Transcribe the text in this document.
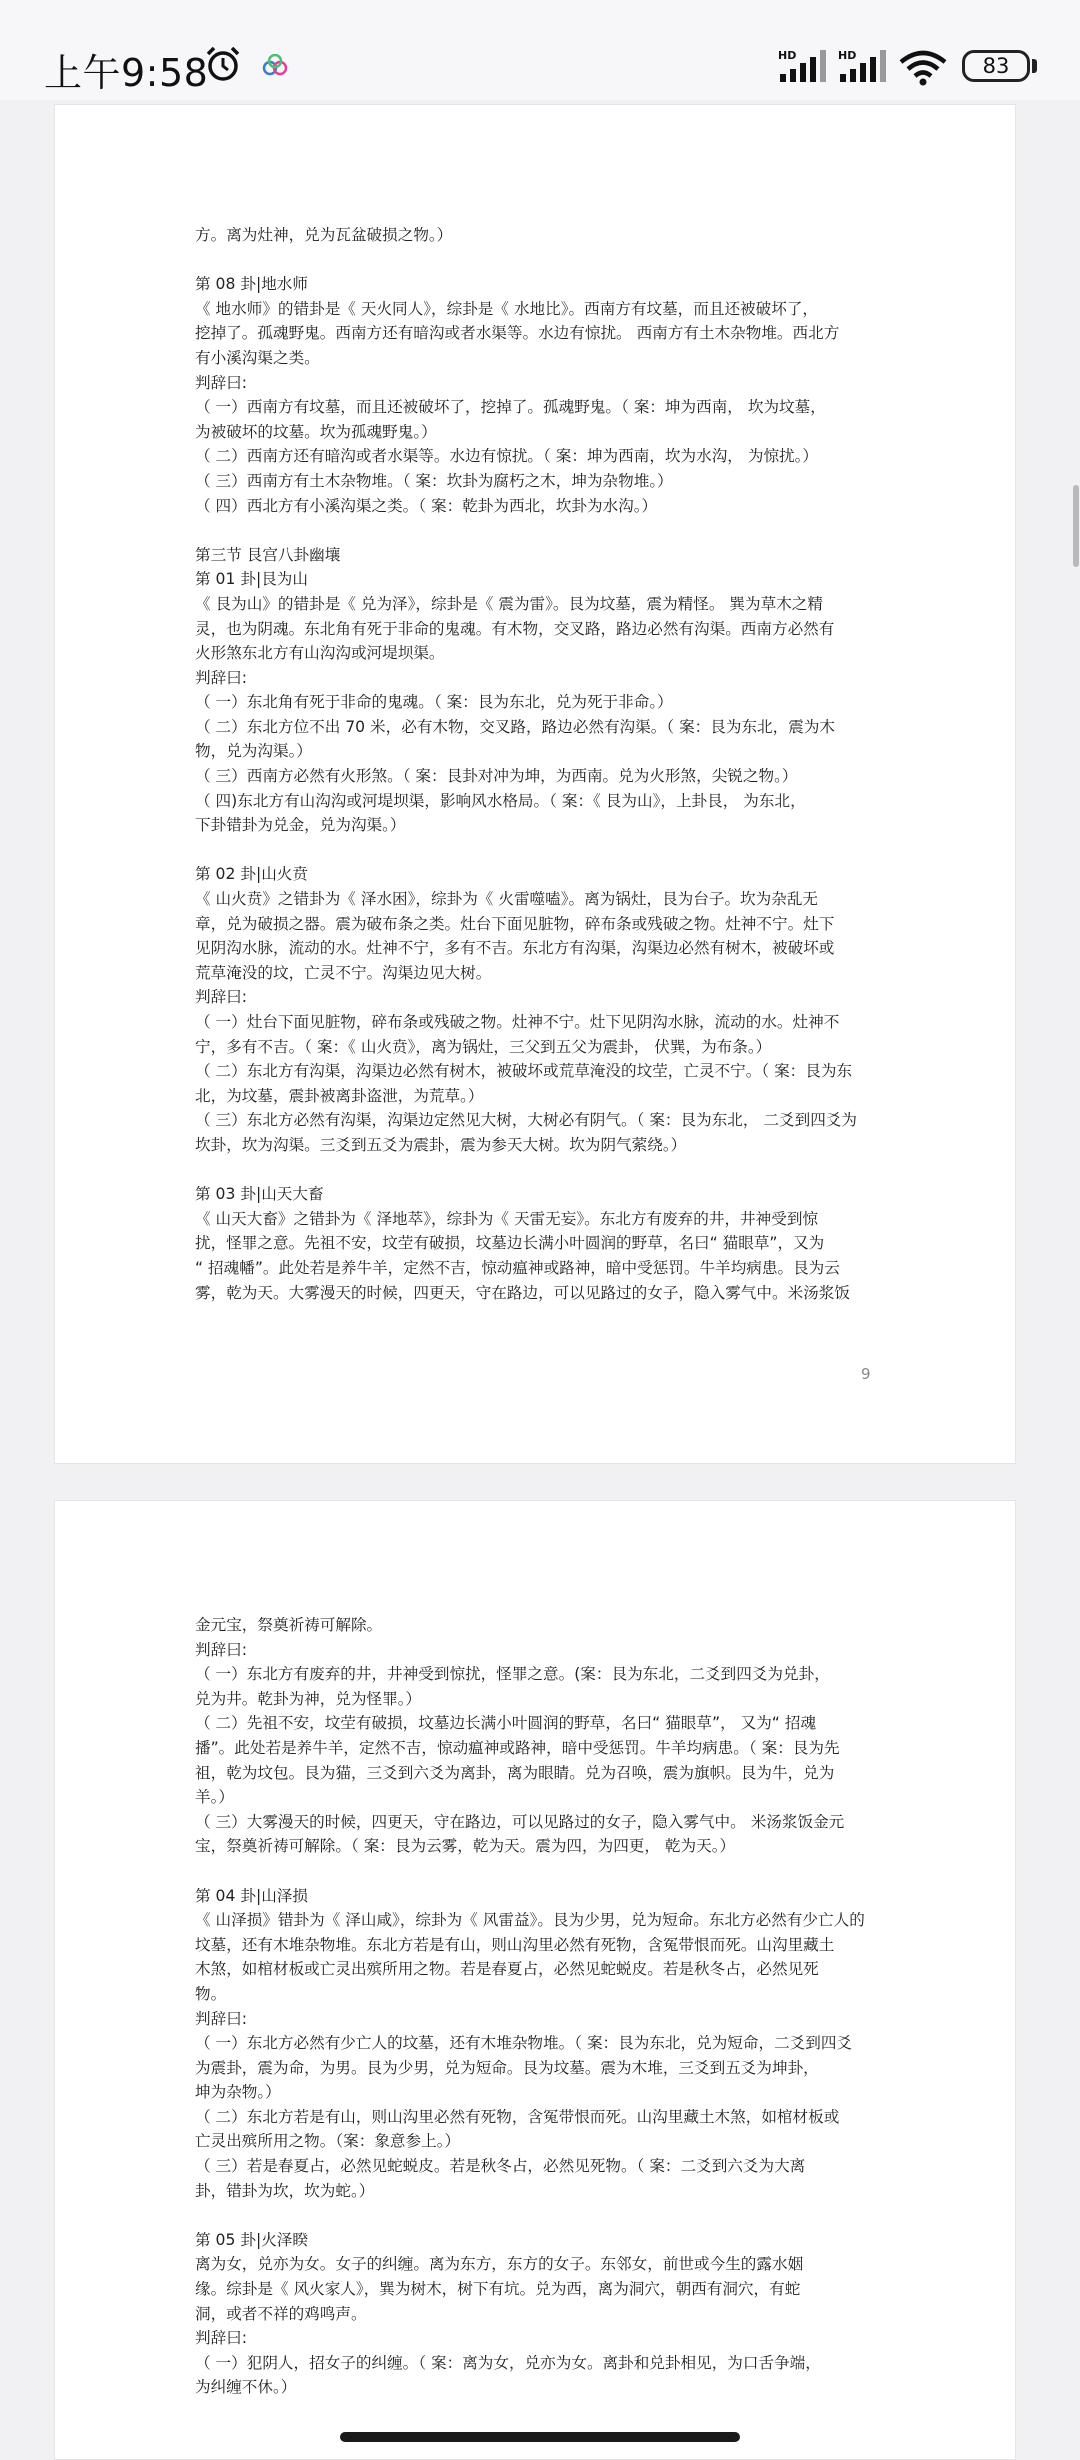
上午9:58	HD	HD	83
方。离为灶神，兑为瓦盆破损之物。）
第 08 卦|地水师
《 地水师》的错卦是《 天火同人》，综卦是《 水地比》。西南方有坟墓，而且还被破坏了，
挖掉了。孤魂野鬼。西南方还有暗沟或者水渠等。水边有惊扰。 西南方有土木杂物堆。西北方
有小溪沟渠之类。
判辞曰:
（ 一）西南方有坟墓，而且还被破坏了，挖掉了。孤魂野鬼。（ 案：坤为西南， 坎为坟墓，
为被破坏的坟墓。坎为孤魂野鬼。）
（ 二）西南方还有暗沟或者水渠等。水边有惊扰。（ 案：坤为西南，坎为水沟， 为惊扰。）
（ 三）西南方有土木杂物堆。（ 案：坎卦为腐朽之木，坤为杂物堆。）
（ 四）西北方有小溪沟渠之类。（ 案：乾卦为西北，坎卦为水沟。）
第三节 艮宫八卦幽壤
第 01 卦|艮为山
《 艮为山》的错卦是《 兑为泽》，综卦是《 震为雷》。艮为坟墓，震为精怪。 巽为草木之精
灵，也为阴魂。东北角有死于非命的鬼魂。有木物，交叉路，路边必然有沟渠。西南方必然有
火形煞东北方有山沟沟或河堤坝渠。
判辞曰:
（ 一）东北角有死于非命的鬼魂。（ 案：艮为东北，兑为死于非命。）
（ 二）东北方位不出 70 米，必有木物，交叉路，路边必然有沟渠。（ 案：艮为东北，震为木
物，兑为沟渠。）
（ 三）西南方必然有火形煞。（ 案：艮卦对冲为坤，为西南。兑为火形煞，尖锐之物。）
（ 四)东北方有山沟沟或河堤坝渠，影响风水格局。（ 案：《 艮为山》，上卦艮， 为东北，
下卦错卦为兑金，兑为沟渠。）
第 02 卦|山火贲
《 山火贲》之错卦为《 泽水困》，综卦为《 火雷噬嗑》。离为锅灶，艮为台子。坎为杂乱无
章，兑为破损之器。震为破布条之类。灶台下面见脏物，碎布条或残破之物。灶神不宁。灶下
见阴沟水脉，流动的水。灶神不宁，多有不吉。东北方有沟渠，沟渠边必然有树木，被破坏或
荒草淹没的坟，亡灵不宁。沟渠边见大树。
判辞曰:
（ 一）灶台下面见脏物，碎布条或残破之物。灶神不宁。灶下见阴沟水脉，流动的水。灶神不
宁，多有不吉。（ 案：《 山火贲》，离为锅灶，三父到五父为震卦， 伏巽，为布条。）
（ 二）东北方有沟渠，沟渠边必然有树木，被破坏或荒草淹没的坟茔，亡灵不宁。（ 案：艮为东
北，为坟墓，震卦被离卦盗泄，为荒草。）
（ 三）东北方必然有沟渠，沟渠边定然见大树，大树必有阴气。（ 案：艮为东北， 二爻到四爻为
坎卦，坎为沟渠。三爻到五爻为震卦，震为参天大树。坎为阴气萦绕。）
第 03 卦|山天大畜
《 山天大畜》之错卦为《 泽地萃》，综卦为《 天雷无妄》。东北方有废弃的井，井神受到惊
扰，怪罪之意。先祖不安，坟茔有破损，坟墓边长满小叶圆润的野草，名曰“ 猫眼草”，又为
“ 招魂幡”。此处若是养牛羊，定然不吉，惊动瘟神或路神，暗中受惩罚。牛羊均病患。艮为云
雾，乾为天。大雾漫天的时候，四更天，守在路边，可以见路过的女子，隐入雾气中。米汤浆饭
9
金元宝，祭奠祈祷可解除。
判辞曰:
（ 一）东北方有废弃的井，井神受到惊扰，怪罪之意。(案：艮为东北，二爻到四爻为兑卦，
兑为井。乾卦为神，兑为怪罪。）
（ 二）先祖不安，坟茔有破损，坟墓边长满小叶圆润的野草，名曰“ 猫眼草”， 又为“ 招魂
播”。此处若是养牛羊，定然不吉，惊动瘟神或路神，暗中受惩罚。牛羊均病患。（ 案：艮为先
祖，乾为坟包。艮为猫，三爻到六爻为离卦，离为眼睛。兑为召唤，震为旗帜。艮为牛，兑为
羊。）
（ 三）大雾漫天的时候，四更天，守在路边，可以见路过的女子，隐入雾气中。 米汤浆饭金元
宝，祭奠祈祷可解除。（ 案：艮为云雾，乾为天。震为四，为四更， 乾为天。）
第 04 卦|山泽损
《 山泽损》错卦为《 泽山咸》，综卦为《 风雷益》。艮为少男，兑为短命。东北方必然有少亡人的
坟墓，还有木堆杂物堆。东北方若是有山，则山沟里必然有死物，含冤带恨而死。山沟里藏土
木煞，如棺材板或亡灵出殡所用之物。若是春夏占，必然见蛇蜕皮。若是秋冬占，必然见死
物。
判辞曰:
（ 一）东北方必然有少亡人的坟墓，还有木堆杂物堆。（ 案：艮为东北，兑为短命，二爻到四爻
为震卦，震为命，为男。艮为少男，兑为短命。艮为坟墓。震为木堆，三爻到五爻为坤卦，
坤为杂物。）
（ 二）东北方若是有山，则山沟里必然有死物，含冤带恨而死。山沟里藏土木煞，如棺材板或
亡灵出殡所用之物。（案：象意参上。）
（ 三）若是春夏占，必然见蛇蜕皮。若是秋冬占，必然见死物。（ 案：二爻到六爻为大离
卦，错卦为坎，坎为蛇。）
第 05 卦|火泽睽
离为女，兑亦为女。女子的纠缠。离为东方，东方的女子。东邻女，前世或今生的露水姻
缘。综卦是《 风火家人》，巽为树木，树下有坑。兑为西，离为洞穴，朝西有洞穴，有蛇
洞，或者不祥的鸡鸣声。
判辞曰:
（ 一）犯阴人，招女子的纠缠。（ 案：离为女，兑亦为女。离卦和兑卦相见，为口舌争端，
为纠缠不休。）
